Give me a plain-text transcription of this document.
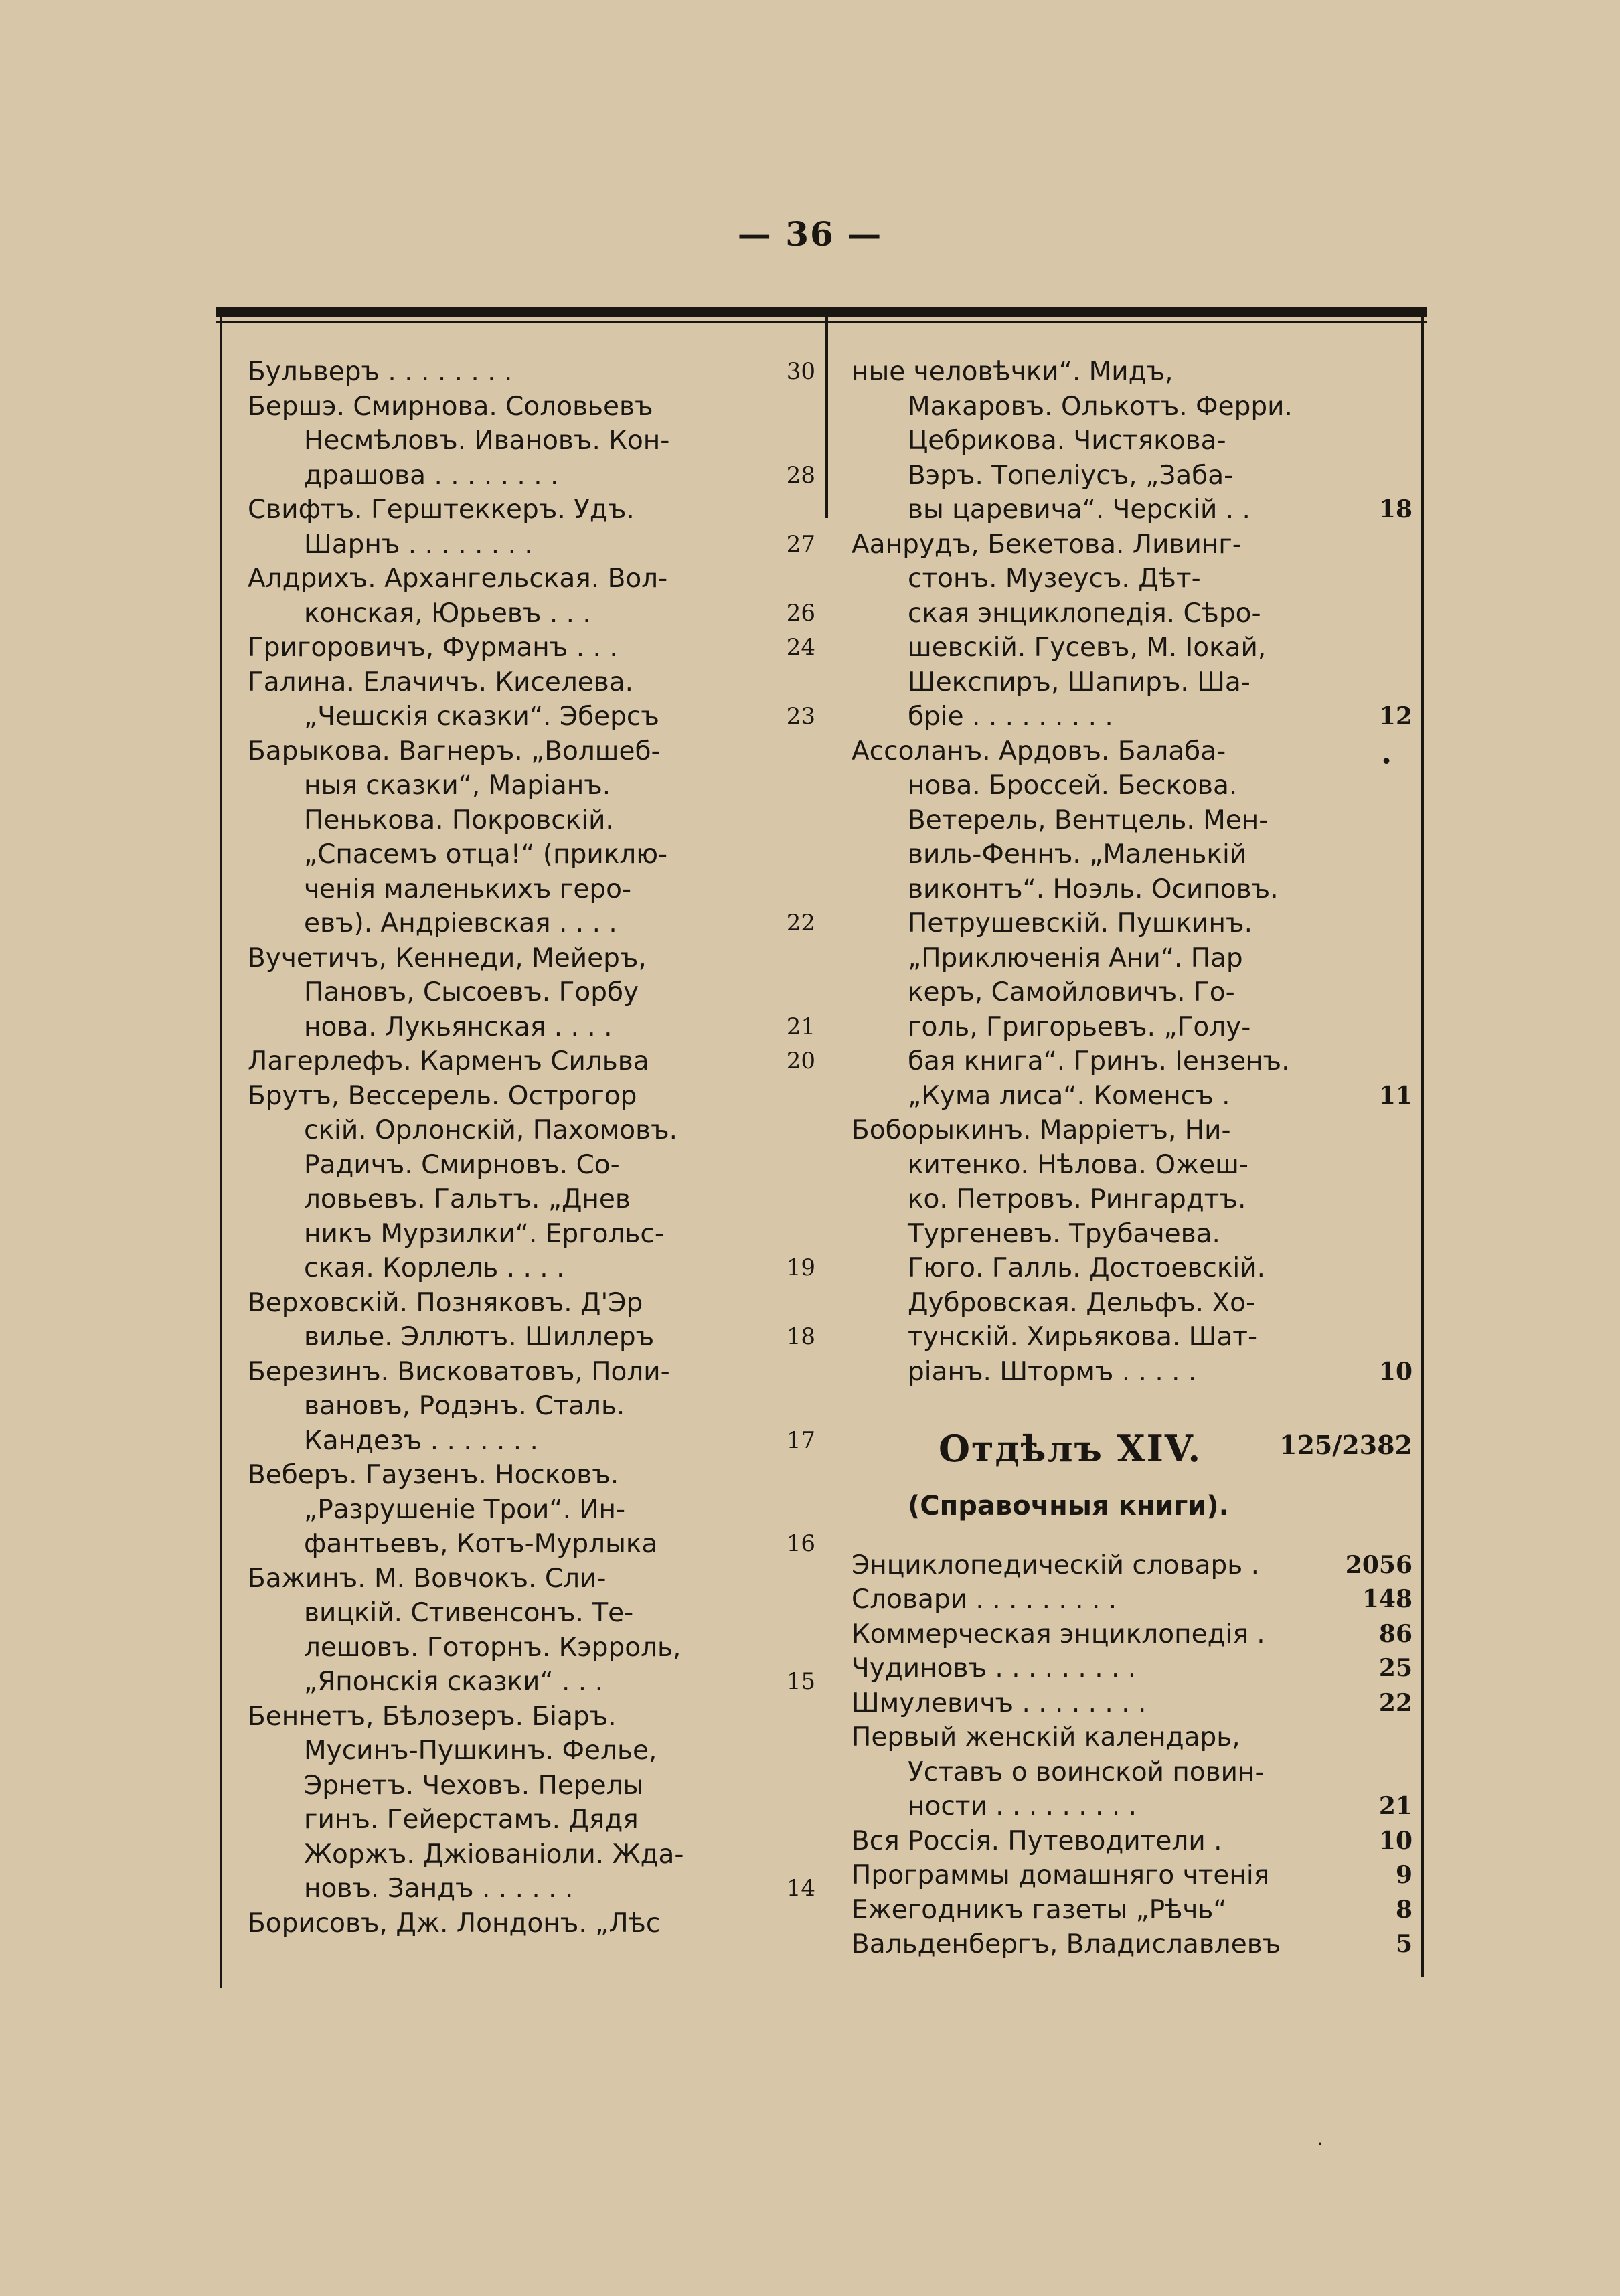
— 36 —
Бульверъ . . . . . . . .	30
Бершэ. Смирнова. Соловьевъ
Несмѣловъ. Ивановъ. Кон-
драшова . . . . . . . .	28
Свифтъ. Герштеккеръ. Удъ.
Шарнъ . . . . . . . .	27
Алдрихъ. Архангельская. Вол-
конская, Юрьевъ . . .	26
Григоровичъ, Фурманъ . . .	24
Галина. Елачичъ. Киселева.
„Чешскія сказки“. Эберсъ	23
Барыкова. Вагнеръ. „Волшеб-
ныя сказки“, Маріанъ.
Пенькова. Покровскій.
„Спасемъ отца!“ (приклю-
ченія маленькихъ геро-
евъ). Андріевская . . . .	22
Вучетичъ, Кеннеди, Мейеръ,
Пановъ, Сысоевъ. Горбу
нова. Лукьянская . . . .	21
Лагерлефъ. Карменъ Сильва	20
Брутъ, Вессерель. Острогор
скій. Орлонскій, Пахомовъ.
Радичъ. Смирновъ. Со-
ловьевъ. Гальтъ. „Днев
никъ Мурзилки“. Ергольс-
ская. Корлель . . . .	19
Верховскій. Позняковъ. Д'Эр
вилье. Эллютъ. Шиллеръ	18
Березинъ. Висковатовъ, Поли-
вановъ, Родэнъ. Сталь.
Кандезъ . . . . . . .	17
Веберъ. Гаузенъ. Носковъ.
„Разрушеніе Трои“. Ин-
фантьевъ, Котъ-Мурлыка	16
Бажинъ. М. Вовчокъ. Сли-
вицкій. Стивенсонъ. Те-
лешовъ. Готорнъ. Кэрроль,
„Японскія сказки“ . . .	15
Беннетъ, Бѣлозеръ. Біаръ.
Мусинъ-Пушкинъ. Фелье,
Эрнетъ. Чеховъ. Перелы
гинъ. Гейерстамъ. Дядя
Жоржъ. Джіованіоли. Жда-
новъ. Зандъ . . . . . .	14
Борисовъ, Дж. Лондонъ. „Лѣс
ные человѣчки“. Мидъ,
Макаровъ. Олькотъ. Ферри.
Цебрикова. Чистякова-
Вэръ. Топеліусъ, „Заба-
вы царевича“. Черскій . .	18
Аанрудъ, Бекетова. Ливинг-
стонъ. Музеусъ. Дѣт-
ская энциклопедія. Сѣро-
шевскій. Гусевъ, М. Іокай,
Шекспиръ, Шапиръ. Ша-
бріе . . . . . . . . .	12
Ассоланъ. Ардовъ. Балаба-
нова. Броссей. Бескова.
Ветерель, Вентцель. Мен-
виль-Феннъ. „Маленькій
виконтъ“. Ноэль. Осиповъ.
Петрушевскій. Пушкинъ.
„Приключенія Ани“. Пар
керъ, Самойловичъ. Го-
голь, Григорьевъ. „Голу-
бая книга“. Гринъ. Іензенъ.
„Кума лиса“. Коменсъ .	11
•
Боборыкинъ. Марріетъ, Ни-
китенко. Нѣлова. Ожеш-
ко. Петровъ. Рингардтъ.
Тургеневъ. Трубачева.
Гюго. Галль. Достоевскій.
Дубровская. Дельфъ. Хо-
тунскій. Хирьякова. Шат-
ріанъ. Штормъ . . . . .	10
Отдѣлъ XIV.	125/2382
(Справочныя книги).
Энциклопедическій словарь .	2056
Словари . . . . . . . . .	148
Коммерческая энциклопедія .	86
Чудиновъ . . . . . . . . .	25
Шмулевичъ . . . . . . . .	22
Первый женскій календарь,
Уставъ о воинской повин-
ности . . . . . . . . .	21
Вся Россія. Путеводители .	10
Программы домашняго чтенія	9
Ежегодникъ газеты „Рѣчь“	8
Вальденбергъ, Владиславлевъ	5
.
